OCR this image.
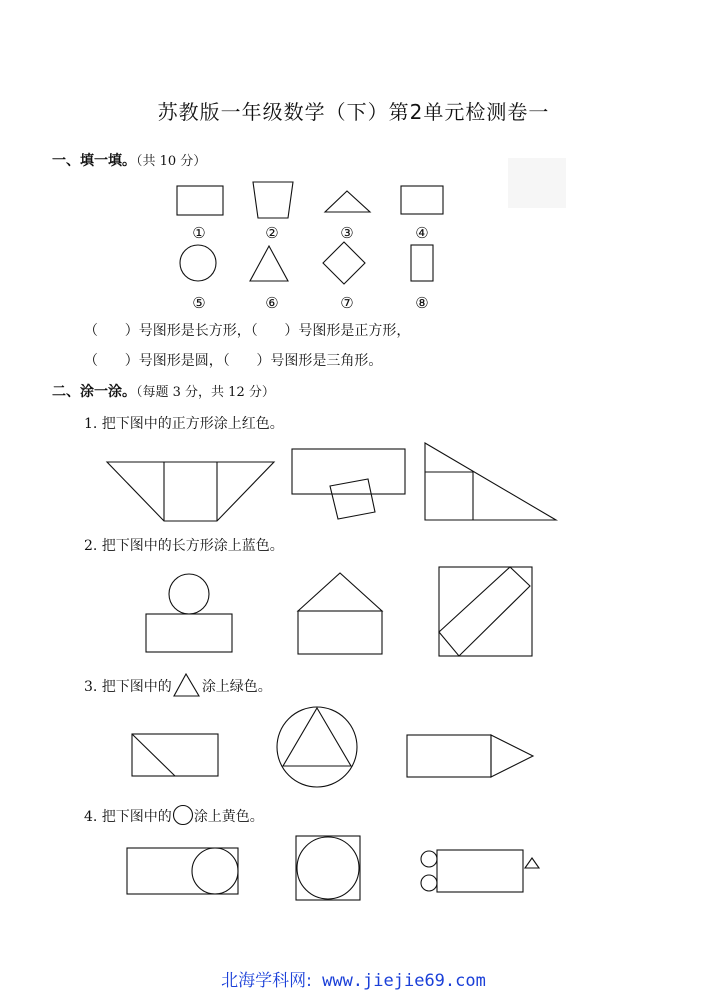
苏教版一年级数学（下）第2单元检测卷一
一、填一填。（共 10 分）
①	②	③	④
⑤	⑥	⑦	⑧
（      ）号图形是长方形，（      ）号图形是正方形，
（      ）号图形是圆，（      ）号图形是三角形。
二、涂一涂。（每题 3 分，共 12 分）
1. 把下图中的正方形涂上红色。
2. 把下图中的长方形涂上蓝色。
3. 把下图中的 涂上绿色。
4. 把下图中的 涂上黄色。
北海学科网: www.jiejie69.com
